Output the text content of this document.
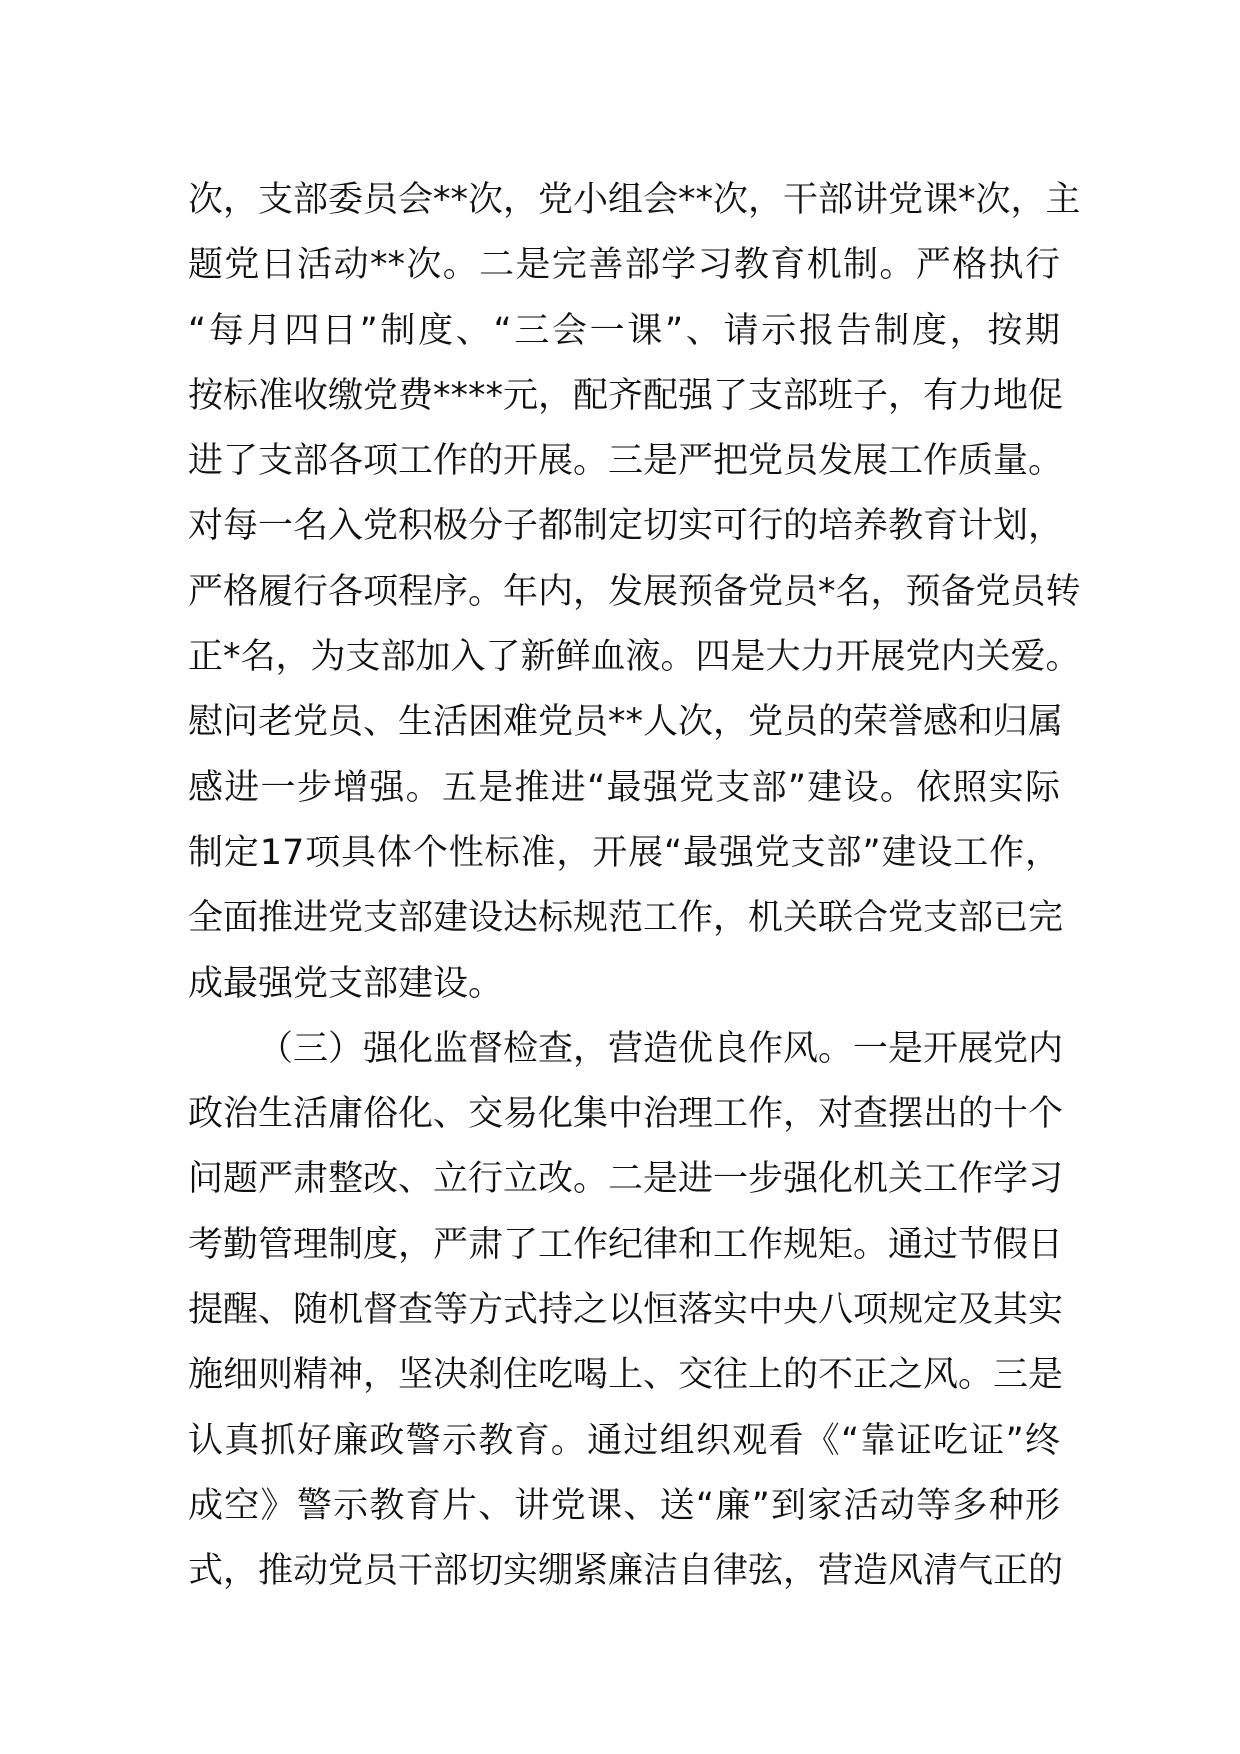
次，支部委员会**次，党小组会**次，干部讲党课*次，主
题党日活动**次。二是完善部学习教育机制。严格执行
“每月四日”制度、“三会一课”、请示报告制度，按期
按标准收缴党费****元，配齐配强了支部班子，有力地促
进了支部各项工作的开展。三是严把党员发展工作质量。
对每一名入党积极分子都制定切实可行的培养教育计划，
严格履行各项程序。年内，发展预备党员*名，预备党员转
正*名，为支部加入了新鲜血液。四是大力开展党内关爱。
慰问老党员、生活困难党员**人次，党员的荣誉感和归属
感进一步增强。五是推进“最强党支部”建设。依照实际
制定17项具体个性标准，开展“最强党支部”建设工作，
全面推进党支部建设达标规范工作，机关联合党支部已完
成最强党支部建设。
（三）强化监督检查，营造优良作风。一是开展党内
政治生活庸俗化、交易化集中治理工作，对查摆出的十个
问题严肃整改、立行立改。二是进一步强化机关工作学习
考勤管理制度，严肃了工作纪律和工作规矩。通过节假日
提醒、随机督查等方式持之以恒落实中央八项规定及其实
施细则精神，坚决刹住吃喝上、交往上的不正之风。三是
认真抓好廉政警示教育。通过组织观看《“靠证吃证”终
成空》警示教育片、讲党课、送“廉”到家活动等多种形
式，推动党员干部切实绷紧廉洁自律弦，营造风清气正的
